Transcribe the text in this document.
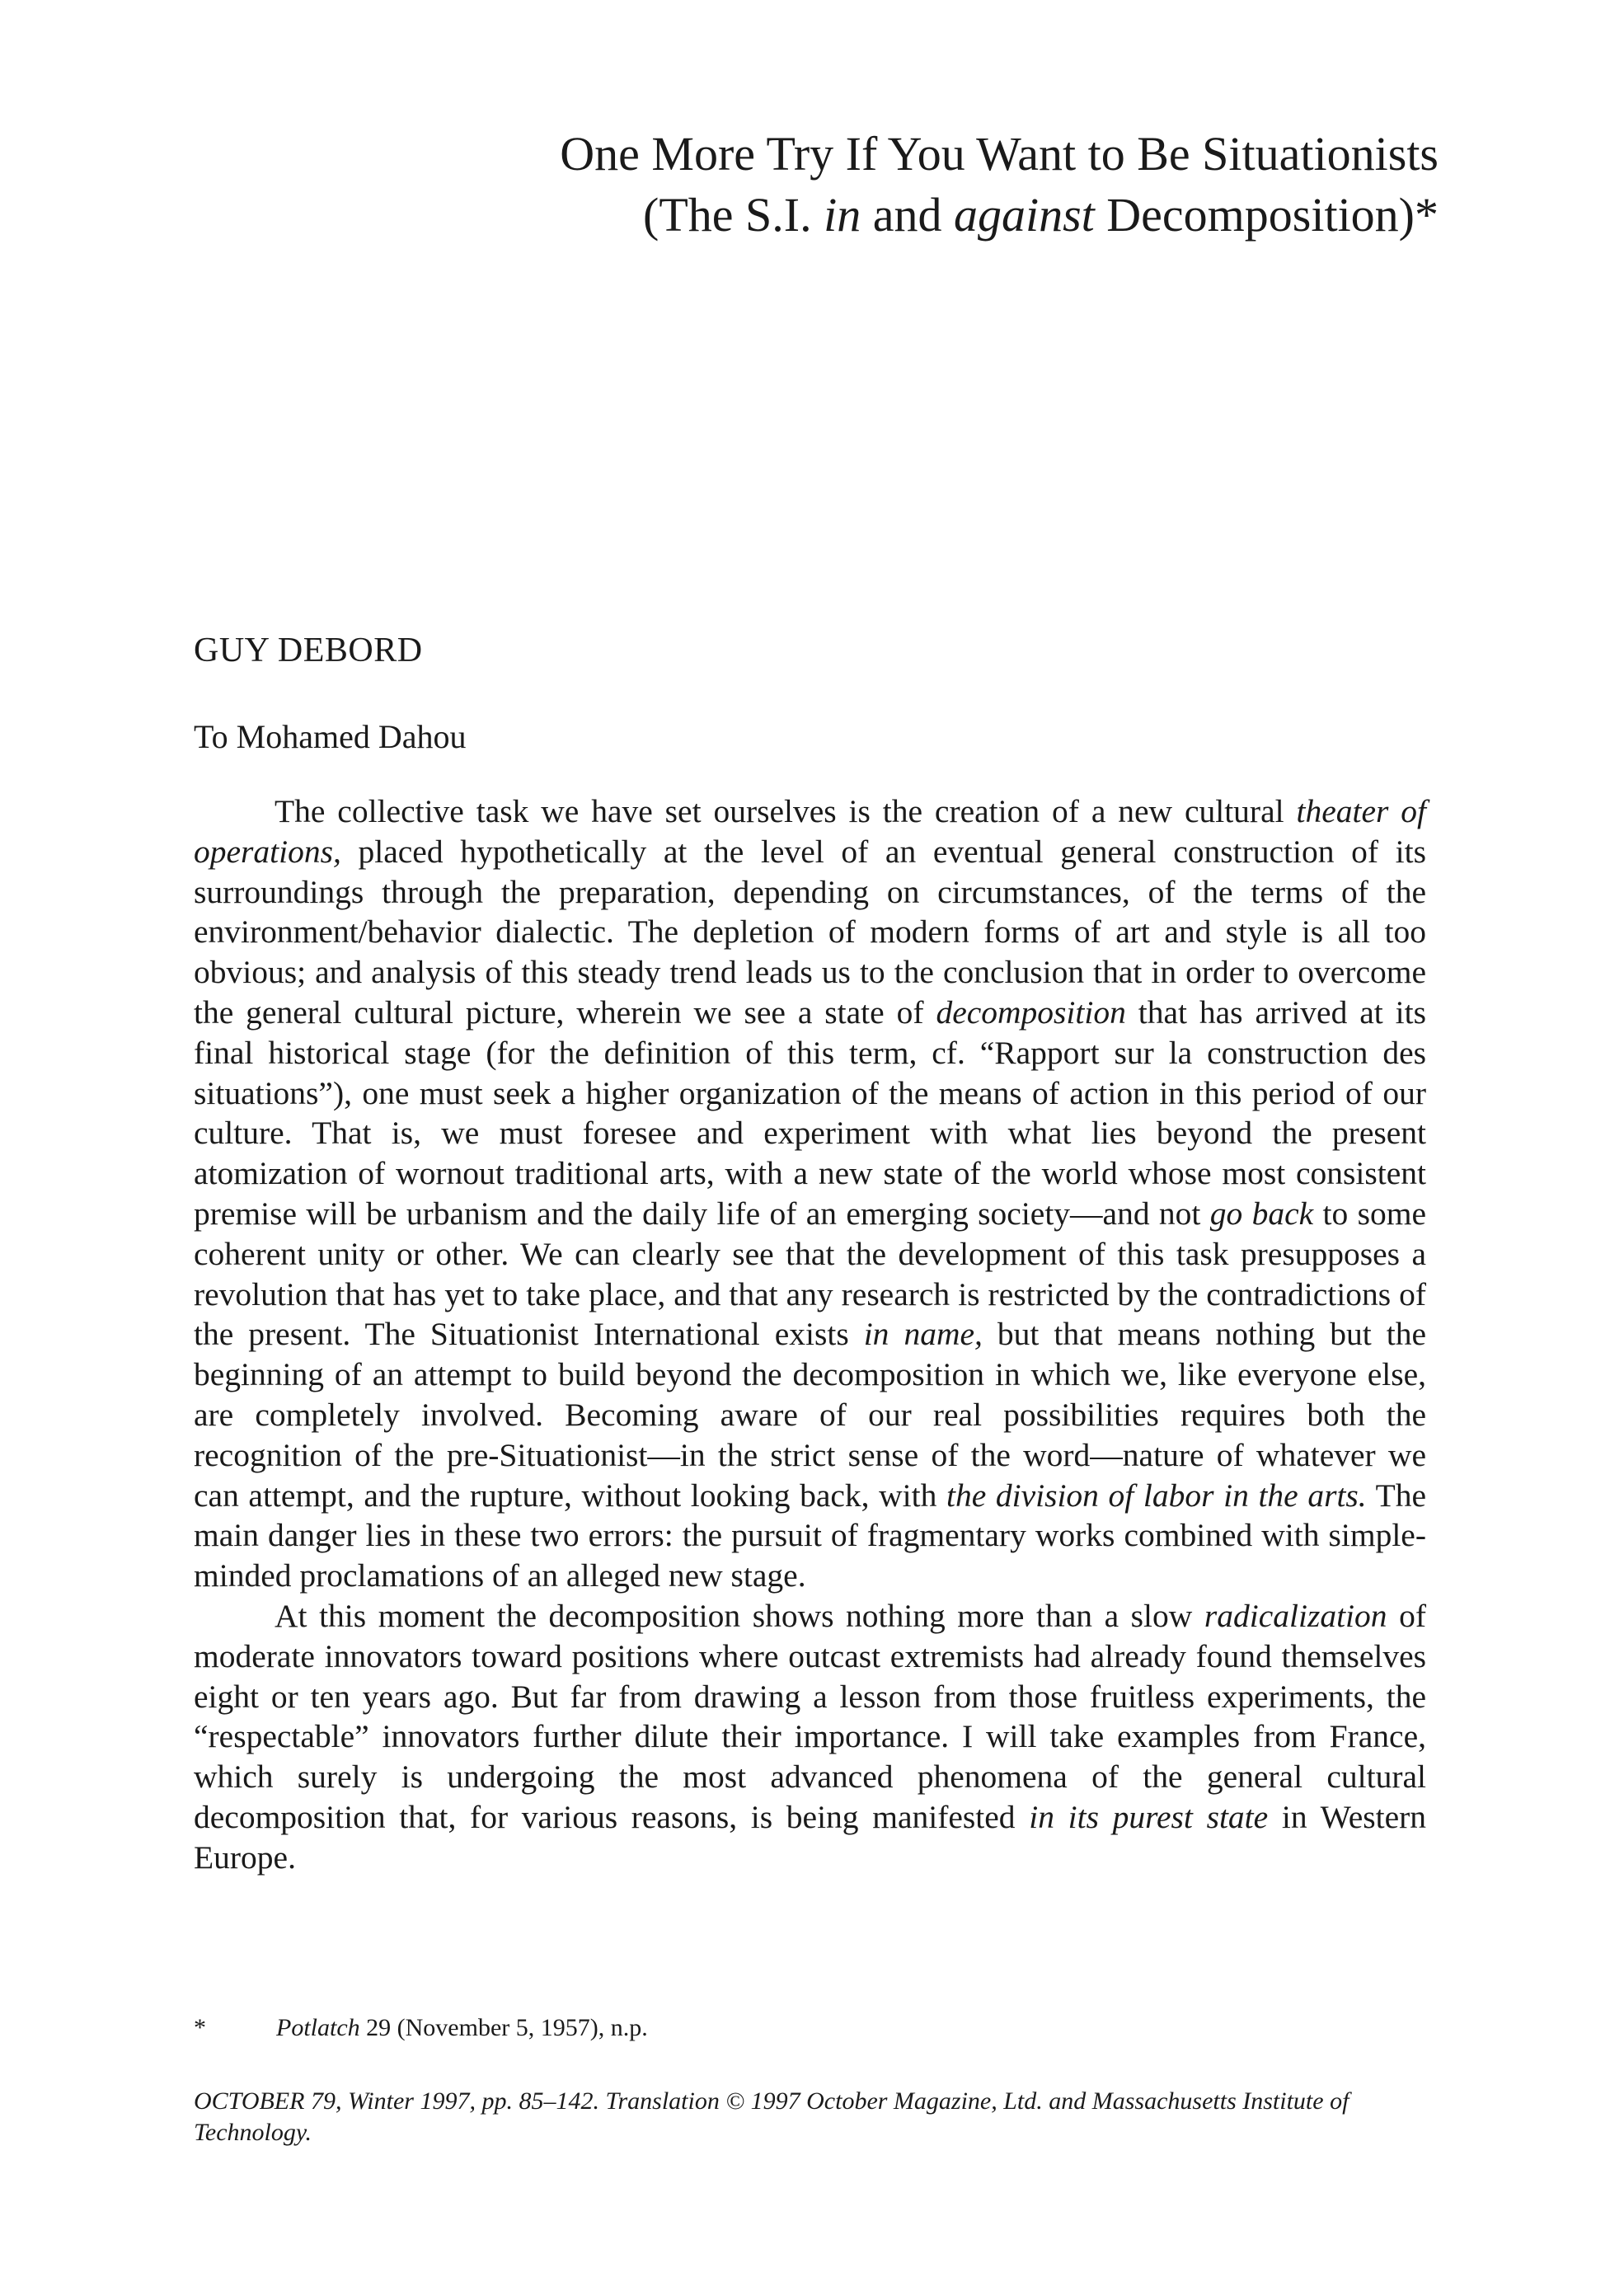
One More Try If You Want to Be Situationists
(The S.I. in and against Decomposition)*
GUY DEBORD
To Mohamed Dahou

The collective task we have set ourselves is the creation of a new cultural theater of operations, placed hypothetically at the level of an eventual general construction of its surroundings through the preparation, depending on circumstances, of the terms of the environment/behavior dialectic. The depletion of modern forms of art and style is all too obvious; and analysis of this steady trend leads us to the conclusion that in order to overcome the general cultural picture, wherein we see a state of decomposition that has arrived at its final historical stage (for the definition of this term, cf. “Rapport sur la construction des situations”), one must seek a higher organization of the means of action in this period of our culture. That is, we must foresee and experiment with what lies beyond the present atomization of wornout traditional arts, with a new state of the world whose most consistent premise will be urbanism and the daily life of an emerging society—and not go back to some coherent unity or other. We can clearly see that the development of this task presupposes a revolution that has yet to take place, and that any research is restricted by the contradictions of the present. The Situationist International exists in name, but that means nothing but the beginning of an attempt to build beyond the decomposition in which we, like everyone else, are completely involved. Becoming aware of our real possibilities requires both the recognition of the pre-Situationist—in the strict sense of the word—nature of whatever we can attempt, and the rupture, without looking back, with the division of labor in the arts. The main danger lies in these two errors: the pursuit of fragmentary works combined with simple-minded proclamations of an alleged new stage.

At this moment the decomposition shows nothing more than a slow radicalization of moderate innovators toward positions where outcast extremists had already found themselves eight or ten years ago. But far from drawing a lesson from those fruitless experiments, the “respectable” innovators further dilute their importance. I will take examples from France, which surely is undergoing the most advanced phenomena of the general cultural decomposition that, for various reasons, is being manifested in its purest state in Western Europe.

*	Potlatch 29 (November 5, 1957), n.p.
OCTOBER 79, Winter 1997, pp. 85–142. Translation © 1997 October Magazine, Ltd. and Massachusetts Institute of Technology.
